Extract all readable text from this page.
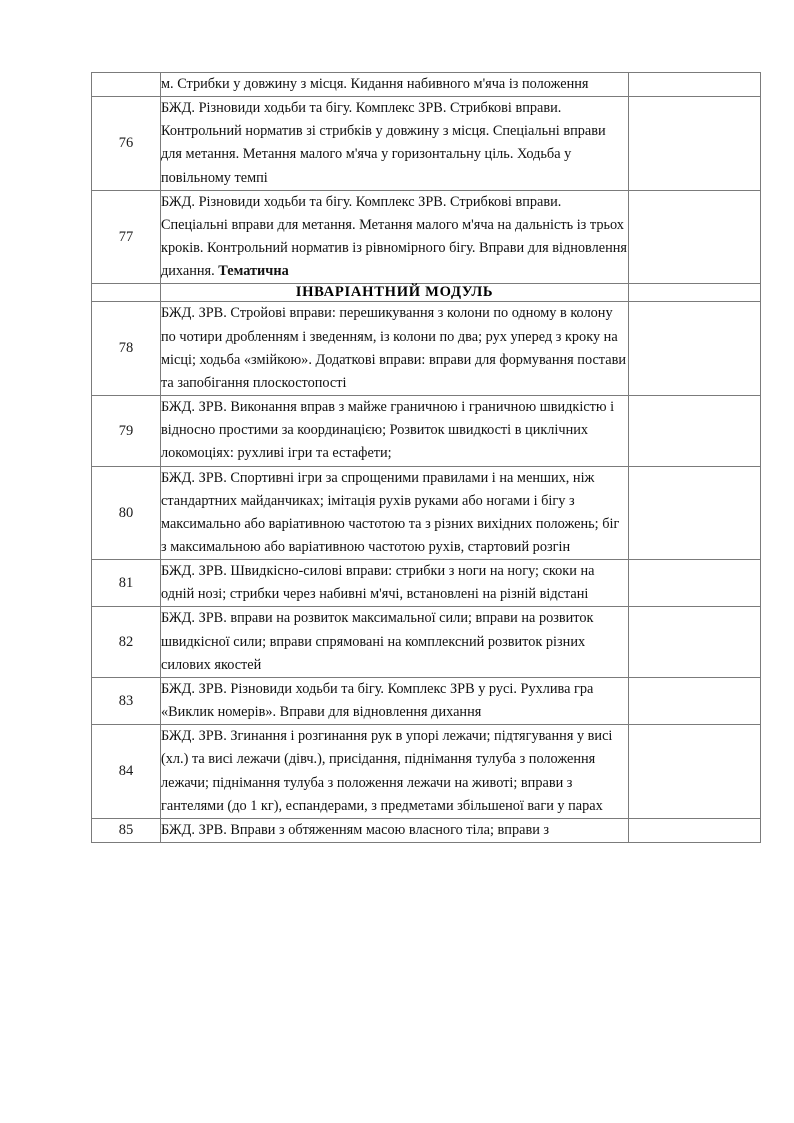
	м. Стрибки у довжину з місця. Кидання набивного м'яча із положення	
76	БЖД. Різновиди ходьби та бігу. Комплекс ЗРВ. Стрибкові вправи. Контрольний норматив зі стрибків у довжину з місця. Спеціальні вправи для метання. Метання малого м'яча у горизонтальну ціль. Ходьба у повільному темпі	
77	БЖД. Різновиди ходьби та бігу. Комплекс ЗРВ. Стрибкові вправи. Спеціальні вправи для метання. Метання малого м'яча на дальність із трьох кроків. Контрольний норматив із рівномірного бігу. Вправи для відновлення дихання. Тематична	
	ІНВАРІАНТНИЙ МОДУЛЬ	
78	БЖД. ЗРВ. Стройові вправи: перешикування з колони по одному в колону по чотири дробленням і зведенням, із колони по два; рух уперед з кроку на місці; ходьба «змійкою». Додаткові вправи: вправи для формування постави та запобігання плоскостопості	
79	БЖД. ЗРВ. Виконання вправ з майже граничною і граничною швидкістю і відносно простими за координацією; Розвиток швидкості в циклічних локомоціях: рухливі ігри та естафети;	
80	БЖД. ЗРВ. Спортивні ігри за спрощеними правилами і на менших, ніж стандартних майданчиках; імітація рухів руками або ногами і бігу з максимально або варіативною частотою та з різних вихідних положень; біг з максимальною або варіативною частотою рухів, стартовий розгін	
81	БЖД. ЗРВ. Швидкісно-силові вправи: стрибки з ноги на ногу; скоки на одній нозі; стрибки через набивні м'ячі, встановлені на різній відстані	
82	БЖД. ЗРВ. вправи на розвиток максимальної сили; вправи на розвиток швидкісної сили; вправи спрямовані на комплексний розвиток різних силових якостей	
83	БЖД. ЗРВ. Різновиди ходьби та бігу. Комплекс ЗРВ у русі. Рухлива гра «Виклик номерів». Вправи для відновлення дихання	
84	БЖД. ЗРВ. Згинання і розгинання рук в упорі лежачи; підтягування у висі (хл.) та висі лежачи (дівч.), присідання, піднімання тулуба з положення лежачи; піднімання тулуба з положення лежачи на животі; вправи з гантелями (до 1 кг), еспандерами, з предметами збільшеної ваги у парах	
85	БЖД. ЗРВ. Вправи з обтяженням масою власного тіла; вправи з	
